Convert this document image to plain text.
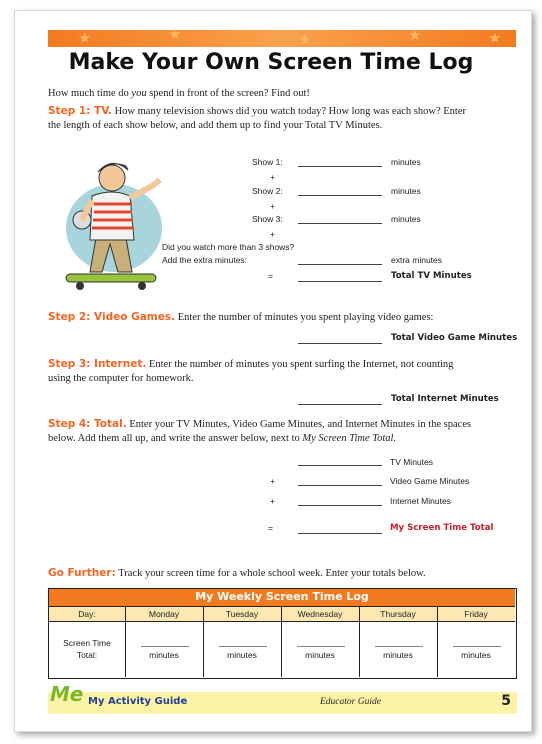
★	★	★	★	★
Make Your Own Screen Time Log
How much time do you spend in front of the screen? Find out!
Step 1: TV. How many television shows did you watch today? How long was each show? Enter
the length of each show below, and add them up to find your Total TV Minutes.
Show 1:	minutes
+
Show 2:	minutes
+
Show 3:	minutes
+
Did you watch more than 3 shows?
Add the extra minutes:	extra minutes
=	Total TV Minutes
Step 2: Video Games. Enter the number of minutes you spent playing video games:
Total Video Game Minutes
Step 3: Internet. Enter the number of minutes you spent surfing the Internet, not counting
using the computer for homework.
Total Internet Minutes
Step 4: Total. Enter your TV Minutes, Video Game Minutes, and Internet Minutes in the spaces
below. Add them all up, and write the answer below, next to My Screen Time Total.
TV Minutes
+	Video Game Minutes
+	Internet Minutes
=	My Screen Time Total
Go Further: Track your screen time for a whole school week. Enter your totals below.
My Weekly Screen Time Log
Day:	Monday	Tuesday	Wednesday	Thursday	Friday
Screen Time
Total:	minutes	minutes	minutes	minutes	minutes
Me My Activity Guide	Educator Guide	5
